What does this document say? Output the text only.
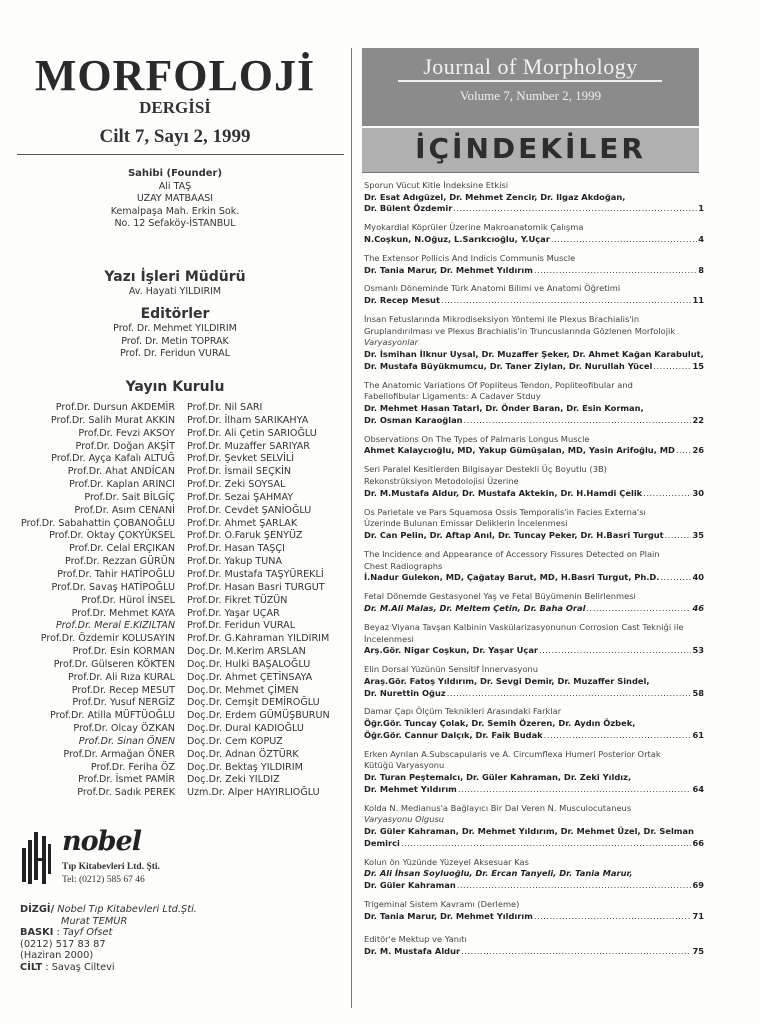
MORFOLOJİ
DERGİSİ
Cilt 7, Sayı 2, 1999
Sahibi (Founder)
Ali TAŞ
UZAY MATBAASI
Kemalpaşa Mah. Erkin Sok.
No. 12 Sefaköy-İSTANBUL
Yazı İşleri Müdürü
Av. Hayati YILDIRIM
Editörler
Prof. Dr. Mehmet YILDIRIM
Prof. Dr. Metin TOPRAK
Prof. Dr. Feridun VURAL
Yayın Kurulu
Prof.Dr. Dursun AKDEMİR
Prof.Dr. Salih Murat AKKIN
Prof.Dr. Fevzi AKSOY
Prof.Dr. Doğan AKŞİT
Prof.Dr. Ayça Kafalı ALTUĞ
Prof.Dr. Ahat ANDİCAN
Prof.Dr. Kaplan ARINCI
Prof.Dr. Sait BİLGİÇ
Prof.Dr. Asım CENANİ
Prof.Dr. Sabahattin ÇOBANOĞLU
Prof.Dr. Oktay ÇOKYÜKSEL
Prof.Dr. Celal ERÇIKAN
Prof.Dr. Rezzan GÜRÜN
Prof.Dr. Tahir HATİPOĞLU
Prof.Dr. Savaş HATİPOĞLU
Prof.Dr. Hürol İNSEL
Prof.Dr. Mehmet KAYA
Prof.Dr. Meral E.KIZILTAN
Prof.Dr. Özdemir KOLUSAYIN
Prof.Dr. Esin KORMAN
Prof.Dr. Gülseren KÖKTEN
Prof.Dr. Ali Rıza KURAL
Prof.Dr. Recep MESUT
Prof.Dr. Yusuf NERGİZ
Prof.Dr. Atilla MÜFTÜOĞLU
Prof.Dr. Olcay ÖZKAN
Prof.Dr. Sinan ÖNEN
Prof.Dr. Armağan ÖNER
Prof.Dr. Feriha ÖZ
Prof.Dr. İsmet PAMİR
Prof.Dr. Sadık PEREK
Prof.Dr. Nil SARI
Prof.Dr. İlham SARIKAHYA
Prof.Dr. Ali Çetin SARIOĞLU
Prof.Dr. Muzaffer SARIYAR
Prof.Dr. Şevket SELVİLİ
Prof.Dr. İsmail SEÇKİN
Prof.Dr. Zeki SOYSAL
Prof.Dr. Sezai ŞAHMAY
Prof.Dr. Cevdet ŞANİOĞLU
Prof.Dr. Ahmet ŞARLAK
Prof.Dr. O.Faruk ŞENYÜZ
Prof.Dr. Hasan TAŞÇI
Prof.Dr. Yakup TUNA
Prof.Dr. Mustafa TAŞYÜREKLİ
Prof.Dr. Hasan Basri TURGUT
Prof.Dr. Fikret TÜZÜN
Prof.Dr. Yaşar UÇAR
Prof.Dr. Feridun VURAL
Prof.Dr. G.Kahraman YILDIRIM
Doç.Dr. M.Kerim ARSLAN
Doç.Dr. Hulki BAŞALOĞLU
Doç.Dr. Ahmet ÇETİNSAYA
Doç.Dr. Mehmet ÇİMEN
Doç.Dr. Cemşit DEMİROĞLU
Doç.Dr. Erdem GÜMÜŞBURUN
Doç.Dr. Dural KADIOĞLU
Doç.Dr. Cem KOPUZ
Doç.Dr. Adnan ÖZTÜRK
Doç.Dr. Bektaş YILDIRIM
Doç.Dr. Zeki YILDIZ
Uzm.Dr. Alper HAYIRLIOĞLU
nobel
Tıp Kitabevleri Ltd. Şti.
Tel: (0212) 585 67 46
DİZGİ/ Nobel Tıp Kitabevleri Ltd.Şti.
Murat TEMUR
BASKI : Tayf Ofset
(0212) 517 83 87
(Haziran 2000)
CİLT : Savaş Ciltevi
Journal of Morphology
Volume 7, Number 2, 1999
İÇİNDEKİLER
Sporun Vücut Kitle İndeksine Etkisi
Dr. Esat Adıgüzel, Dr. Mehmet Zencir, Dr. Ilgaz Akdoğan,
Dr. Bülent Özdemir .....	1
Myokardial Köprüler Üzerine Makroanatomik Çalışma
N.Coşkun, N.Oğuz, L.Sarıkcıoğlu, Y.Uçar .....	4
The Extensor Pollicis And Indicis Communis Muscle
Dr. Tania Marur, Dr. Mehmet Yıldırım .....	8
Osmanlı Döneminde Türk Anatomi Bilimi ve Anatomi Öğretimi
Dr. Recep Mesut .....	11
İnsan Fetuslarında Mikrodiseksiyon Yöntemi ile Plexus Brachialis'in
Gruplandırılması ve Plexus Brachialis'in Truncuslarında Gözlenen Morfolojik
Varyasyonlar
Dr. İsmihan İlknur Uysal, Dr. Muzaffer Şeker, Dr. Ahmet Kağan Karabulut,
Dr. Mustafa Büyükmumcu, Dr. Taner Ziylan, Dr. Nurullah Yücel .....	15
The Anatomic Variations Of Popliteus Tendon, Popliteofibular and
Fabellofibular Ligaments: A Cadaver Stduy
Dr. Mehmet Hasan Tatarl, Dr. Önder Baran, Dr. Esin Korman,
Dr. Osman Karaoğlan .....	22
Observations On The Types of Palmaris Longus Muscle
Ahmet Kalaycıoğlu, MD, Yakup Gümüşalan, MD, Yasin Arifoğlu, MD ..... 26
Seri Paralel Kesitlerden Bilgisayar Destekli Üç Boyutlu (3B)
Rekonstrüksiyon Metodolojisi Üzerine
Dr. M.Mustafa Aldur, Dr. Mustafa Aktekin, Dr. H.Hamdi Çelik .....	30
Os Parietale ve Pars Squamosa Ossis Temporalis'in Facies Externa'sı
Üzerinde Bulunan Emissar Deliklerin İncelenmesi
Dr. Can Pelin, Dr. Aftap Anıl, Dr. Tuncay Peker, Dr. H.Basri Turgut .....	35
The Incidence and Appearance of Accessory Fissures Detected on Plain
Chest Radiographs
İ.Nadur Gulekon, MD, Çağatay Barut, MD, H.Basri Turgut, Ph.D. .....	40
Fetal Dönemde Gestasyonel Yaş ve Fetal Büyümenin Belirlenmesi
Dr. M.Ali Malas, Dr. Meltem Çetin, Dr. Baha Oral .....	46
Beyaz Viyana Tavşan Kalbinin Vaskülarizasyonunun Corrosion Cast Tekniği ile
İncelenmesi
Arş.Gör. Nigar Coşkun, Dr. Yaşar Uçar .....	53
Elin Dorsal Yüzünün Sensitif İnnervasyonu
Araş.Gör. Fatoş Yıldırım, Dr. Sevgi Demir, Dr. Muzaffer Sindel,
Dr. Nurettin Oğuz .....	58
Damar Çapı Ölçüm Teknikleri Arasındaki Farklar
Öğr.Gör. Tuncay Çolak, Dr. Semih Özeren, Dr. Aydın Özbek,
Öğr.Gör. Cannur Dalçık, Dr. Faik Budak .....	61
Erken Ayrılan A.Subscapularis ve A. Circumflexa Humeri Posterior Ortak
Kütüğü Varyasyonu
Dr. Turan Peştemalcı, Dr. Güler Kahraman, Dr. Zeki Yıldız,
Dr. Mehmet Yıldırım .....	64
Kolda N. Medianus'a Bağlayıcı Bir Dal Veren N. Musculocutaneus
Varyasyonu Olgusu
Dr. Güler Kahraman, Dr. Mehmet Yıldırım, Dr. Mehmet Üzel, Dr. Selman
Demirci .....	66
Kolun ön Yüzünde Yüzeyel Aksesuar Kas
Dr. Ali İhsan Soyluoğlu, Dr. Ercan Tanyeli, Dr. Tania Marur,
Dr. Güler Kahraman .....	69
Trigeminal Sistem Kavramı (Derleme)
Dr. Tania Marur, Dr. Mehmet Yıldırım .....	71
Editör'e Mektup ve Yanıtı
Dr. M. Mustafa Aldur .....	75
